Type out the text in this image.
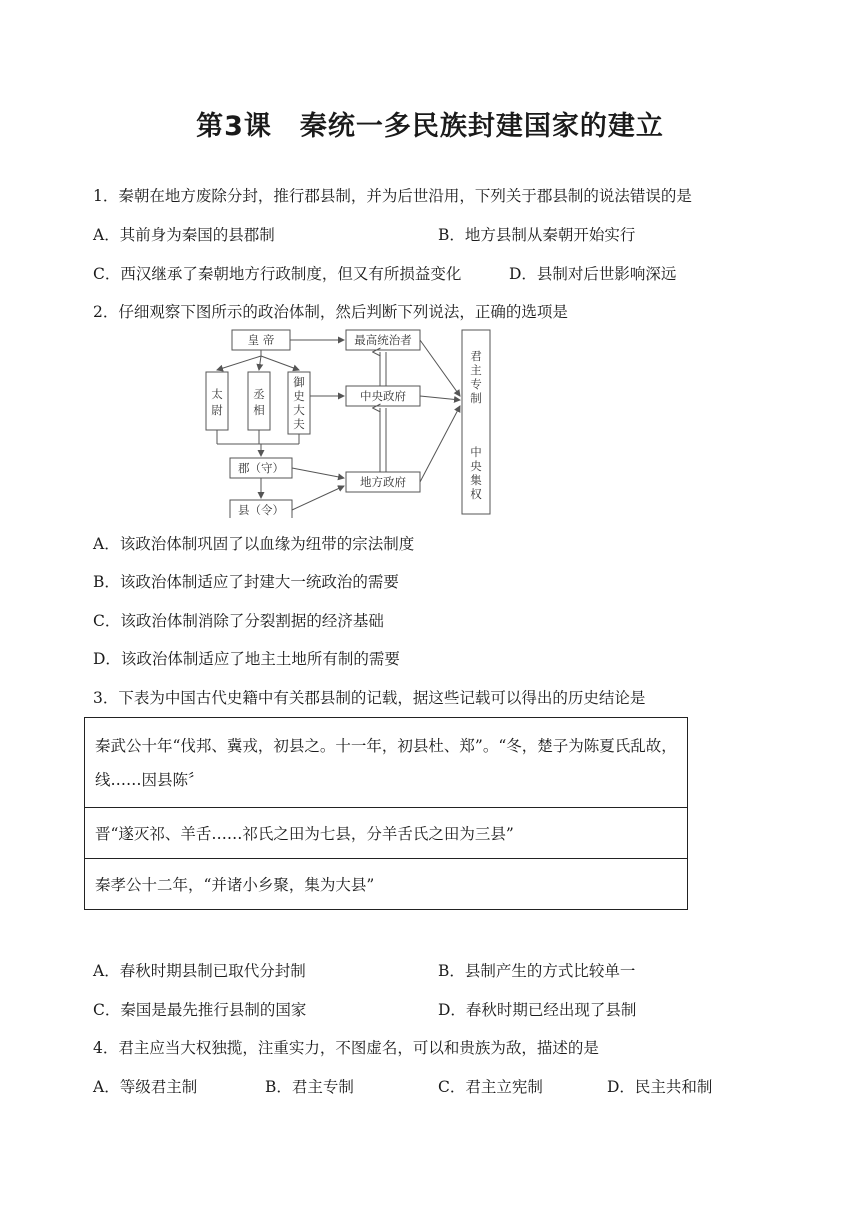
第3课 秦统一多民族封建国家的建立
1．秦朝在地方废除分封，推行郡县制，并为后世沿用，下列关于郡县制的说法错误的是
A．其前身为秦国的县郡制	B．地方县制从秦朝开始实行
C．西汉继承了秦朝地方行政制度，但又有所损益变化	D．县制对后世影响深远
2．仔细观察下图所示的政治体制，然后判断下列说法，正确的选项是
皇 帝
太
尉
丞
相
御
史
大
夫
郡（守）
县（令）
最高统治者
中央政府
地方政府
君
主
专
制
中
央
集
权
A．该政治体制巩固了以血缘为纽带的宗法制度
B．该政治体制适应了封建大一统政治的需要
C．该政治体制消除了分裂割据的经济基础
D．该政治体制适应了地主土地所有制的需要
3．下表为中国古代史籍中有关郡县制的记载，据这些记载可以得出的历史结论是
秦武公十年“伐邦、冀戎，初县之。十一年，初县杜、郑”。“冬，楚子为陈夏氏乱故，线……因县陈〞
晋“遂灭祁、羊舌……祁氏之田为七县，分羊舌氏之田为三县”
秦孝公十二年，“并诸小乡聚，集为大县”
A．春秋时期县制已取代分封制	B．县制产生的方式比较单一
C．秦国是最先推行县制的国家	D．春秋时期已经出现了县制
4．君主应当大权独揽，注重实力，不图虚名，可以和贵族为敌，描述的是
A．等级君主制	B．君主专制	C．君主立宪制	D．民主共和制
